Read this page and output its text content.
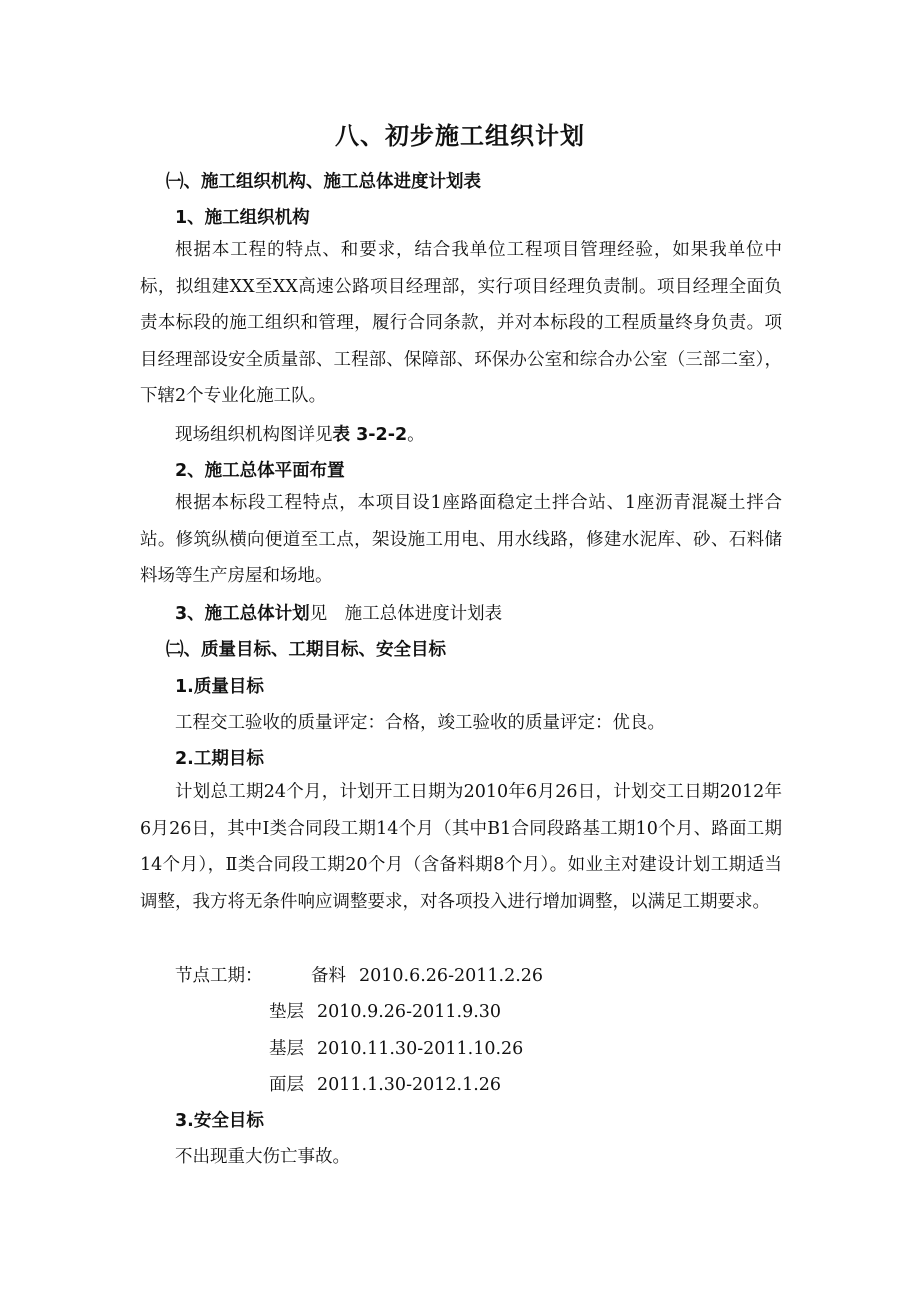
八、初步施工组织计划
㈠、施工组织机构、施工总体进度计划表
1、施工组织机构
根据本工程的特点、和要求，结合我单位工程项目管理经验，如果我单位中标，拟组建XX至XX高速公路项目经理部，实行项目经理负责制。项目经理全面负责本标段的施工组织和管理，履行合同条款，并对本标段的工程质量终身负责。项目经理部设安全质量部、工程部、保障部、环保办公室和综合办公室（三部二室），下辖2个专业化施工队。
现场组织机构图详见表 3-2-2。
2、施工总体平面布置
根据本标段工程特点，本项目设1座路面稳定土拌合站、1座沥青混凝土拌合站。修筑纵横向便道至工点，架设施工用电、用水线路，修建水泥库、砂、石料储料场等生产房屋和场地。
3、施工总体计划见　施工总体进度计划表
㈡、质量目标、工期目标、安全目标
1.质量目标
工程交工验收的质量评定：合格，竣工验收的质量评定：优良。
2.工期目标
计划总工期24个月，计划开工日期为2010年6月26日，计划交工日期2012年6月26日，其中Ⅰ类合同段工期14个月（其中B1合同段路基工期10个月、路面工期14个月），Ⅱ类合同段工期20个月（含备料期8个月）。如业主对建设计划工期适当调整，我方将无条件响应调整要求，对各项投入进行增加调整，以满足工期要求。
节点工期：	备料 2010.6.26-2011.2.26
垫层 2010.9.26-2011.9.30
基层 2010.11.30-2011.10.26
面层 2011.1.30-2012.1.26
3.安全目标
不出现重大伤亡事故。
